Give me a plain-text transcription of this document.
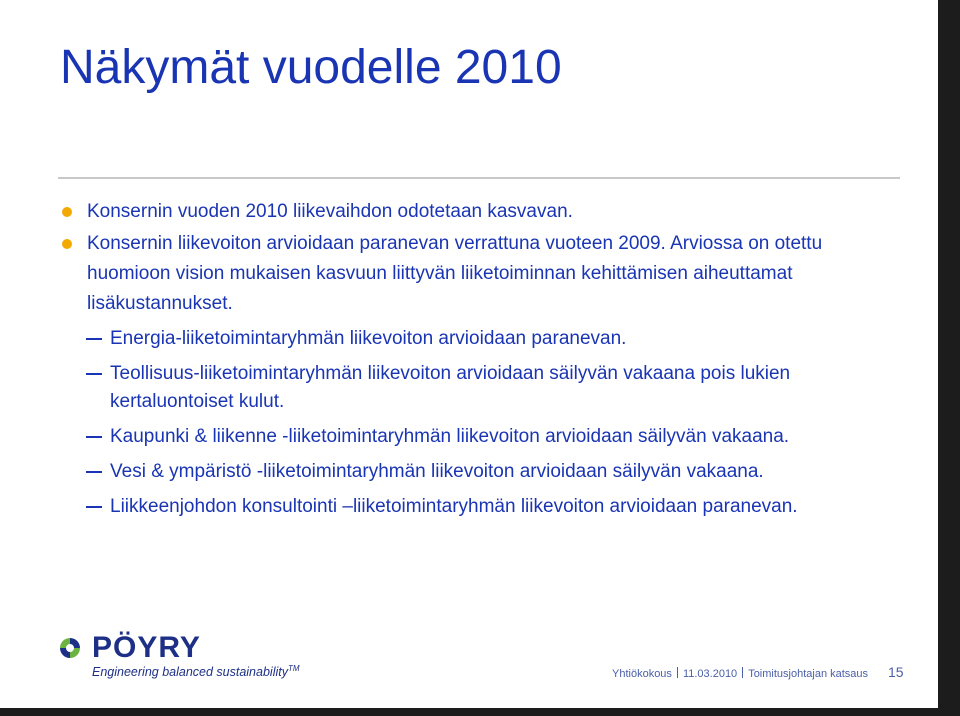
Näkymät vuodelle 2010
Konsernin vuoden 2010 liikevaihdon odotetaan kasvavan.
Konsernin liikevoiton arvioidaan paranevan verrattuna vuoteen 2009. Arviossa on otettu huomioon vision mukaisen kasvuun liittyvän liiketoiminnan kehittämisen aiheuttamat lisäkustannukset.
Energia-liiketoimintaryhmän liikevoiton arvioidaan paranevan.
Teollisuus-liiketoimintaryhmän liikevoiton arvioidaan säilyvän vakaana pois lukien kertaluontoiset kulut.
Kaupunki & liikenne -liiketoimintaryhmän liikevoiton arvioidaan säilyvän vakaana.
Vesi & ympäristö -liiketoimintaryhmän liikevoiton arvioidaan säilyvän vakaana.
Liikkeenjohdon konsultointi –liiketoimintaryhmän liikevoiton arvioidaan paranevan.
PÖYRY
Engineering balanced sustainability™	Yhtiökokous 11.03.2010 Toimitusjohtajan katsaus 15
